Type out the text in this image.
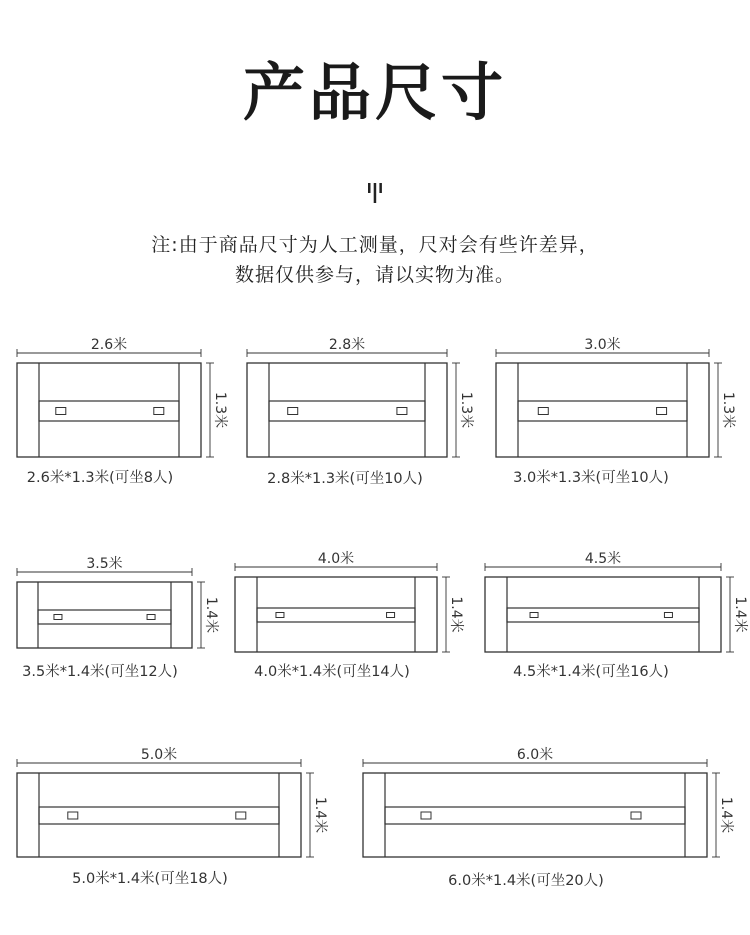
产品尺寸
注:由于商品尺寸为人工测量，尺对会有些许差异，
数据仅供参与，请以实物为准。
2.6米
1.3米
2.6米*1.3米(可坐8人)
2.8米
1.3米
2.8米*1.3米(可坐10人)
3.0米
1.3米
3.0米*1.3米(可坐10人)
3.5米
1.4米
3.5米*1.4米(可坐12人)
4.0米
1.4米
4.0米*1.4米(可坐14人)
4.5米
1.4米
4.5米*1.4米(可坐16人)
5.0米
1.4米
5.0米*1.4米(可坐18人)
6.0米
1.4米
6.0米*1.4米(可坐20人)
